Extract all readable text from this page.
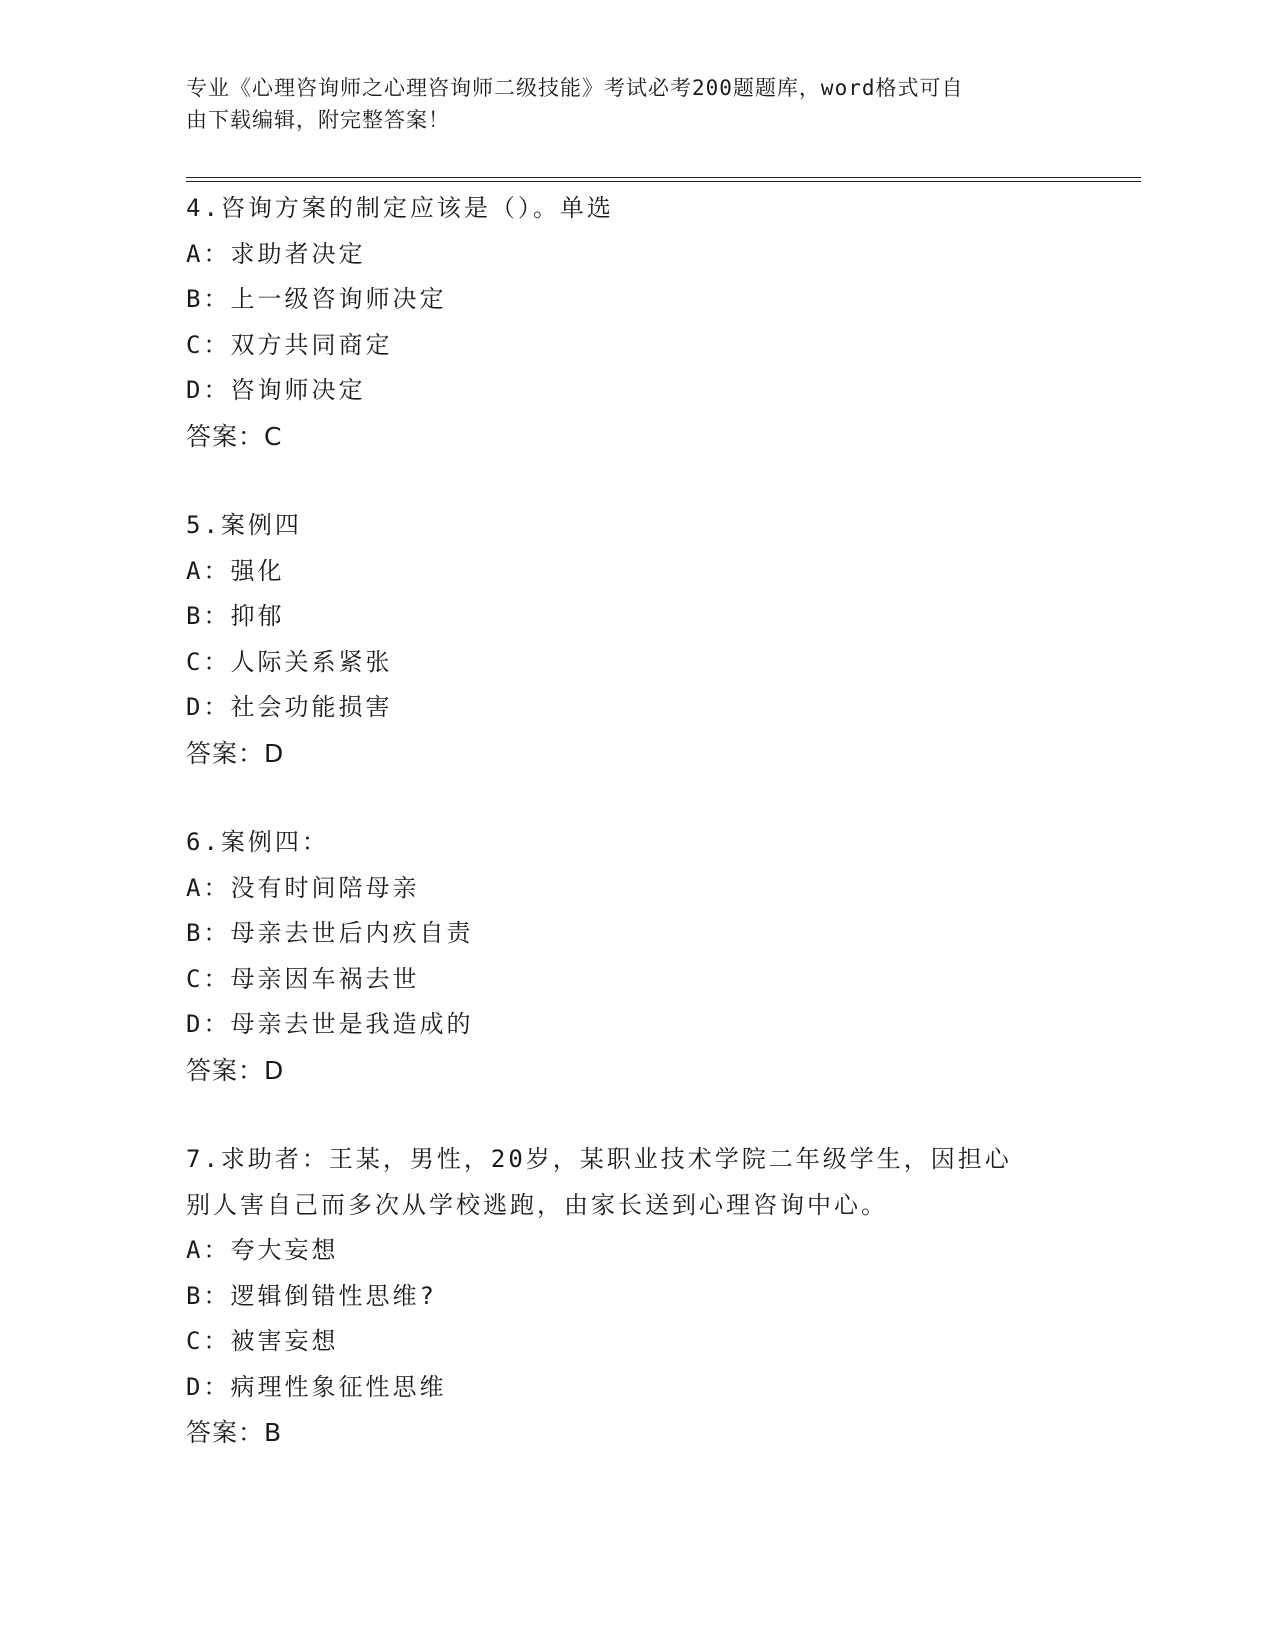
专业《心理咨询师之心理咨询师二级技能》考试必考200题题库，word格式可自
由下载编辑，附完整答案！
4.咨询方案的制定应该是（）。单选
A：求助者决定
B：上一级咨询师决定
C：双方共同商定
D：咨询师决定
答案：C
5.案例四
A：强化
B：抑郁
C：人际关系紧张
D：社会功能损害
答案：D
6.案例四：
A：没有时间陪母亲
B：母亲去世后内疚自责
C：母亲因车祸去世
D：母亲去世是我造成的
答案：D
7.求助者：王某，男性，20岁，某职业技术学院二年级学生，因担心
别人害自己而多次从学校逃跑，由家长送到心理咨询中心。
A：夸大妄想
B：逻辑倒错性思维?
C：被害妄想
D：病理性象征性思维
答案：B
